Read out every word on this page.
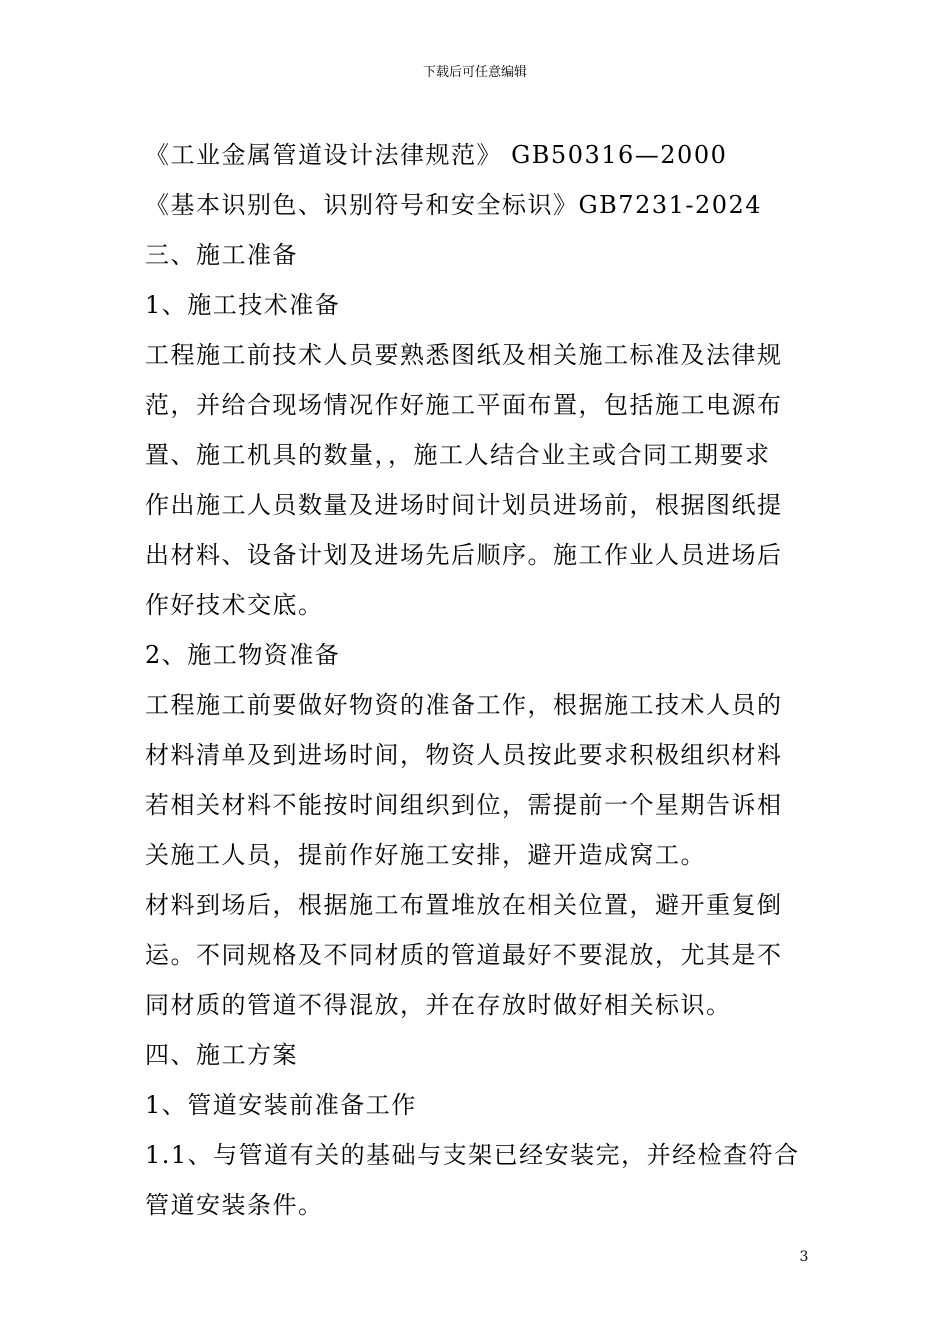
下载后可任意编辑
《工业金属管道设计法律规范》 GB50316—2000
《基本识别色、识别符号和安全标识》GB7231-2024
三、施工准备
1、施工技术准备
工程施工前技术人员要熟悉图纸及相关施工标准及法律规
范，并给合现场情况作好施工平面布置，包括施工电源布
置、施工机具的数量，，施工人结合业主或合同工期要求
作出施工人员数量及进场时间计划员进场前，根据图纸提
出材料、设备计划及进场先后顺序。施工作业人员进场后
作好技术交底。
2、施工物资准备
工程施工前要做好物资的准备工作，根据施工技术人员的
材料清单及到进场时间，物资人员按此要求积极组织材料
若相关材料不能按时间组织到位，需提前一个星期告诉相
关施工人员，提前作好施工安排，避开造成窝工。
材料到场后，根据施工布置堆放在相关位置，避开重复倒
运。不同规格及不同材质的管道最好不要混放，尤其是不
同材质的管道不得混放，并在存放时做好相关标识。
四、施工方案
1、管道安装前准备工作
1.1、与管道有关的基础与支架已经安装完，并经检查符合
管道安装条件。
3
